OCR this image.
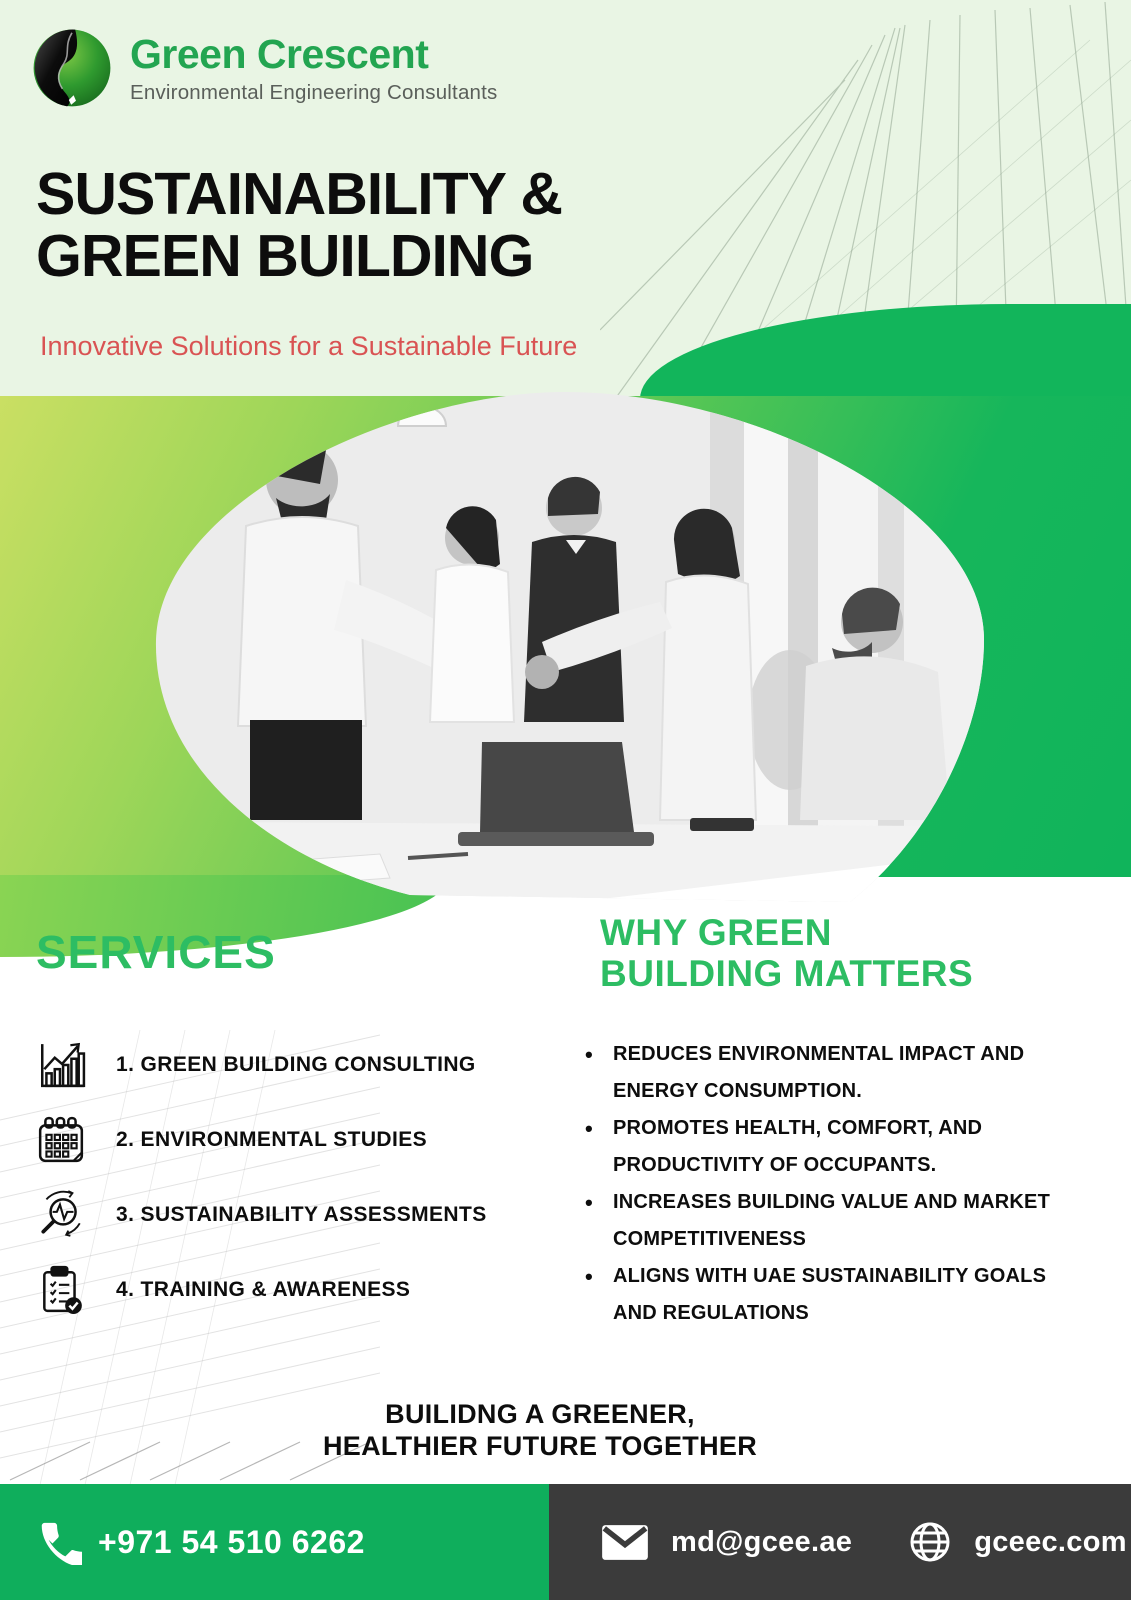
Green Crescent
Environmental Engineering Consultants
SUSTAINABILITY &
GREEN BUILDING
Innovative Solutions for a Sustainable Future
SERVICES
1. GREEN BUILDING CONSULTING
2. ENVIRONMENTAL STUDIES
3. SUSTAINABILITY ASSESSMENTS
4. TRAINING & AWARENESS
WHY GREEN
BUILDING MATTERS
• REDUCES ENVIRONMENTAL IMPACT AND ENERGY CONSUMPTION.
• PROMOTES HEALTH, COMFORT, AND PRODUCTIVITY OF OCCUPANTS.
• INCREASES BUILDING VALUE AND MARKET COMPETITIVENESS
• ALIGNS WITH UAE SUSTAINABILITY GOALS AND REGULATIONS
BUILIDNG A GREENER,
HEALTHIER FUTURE TOGETHER
+971 54 510 6262	md@gcee.ae	gceec.com
